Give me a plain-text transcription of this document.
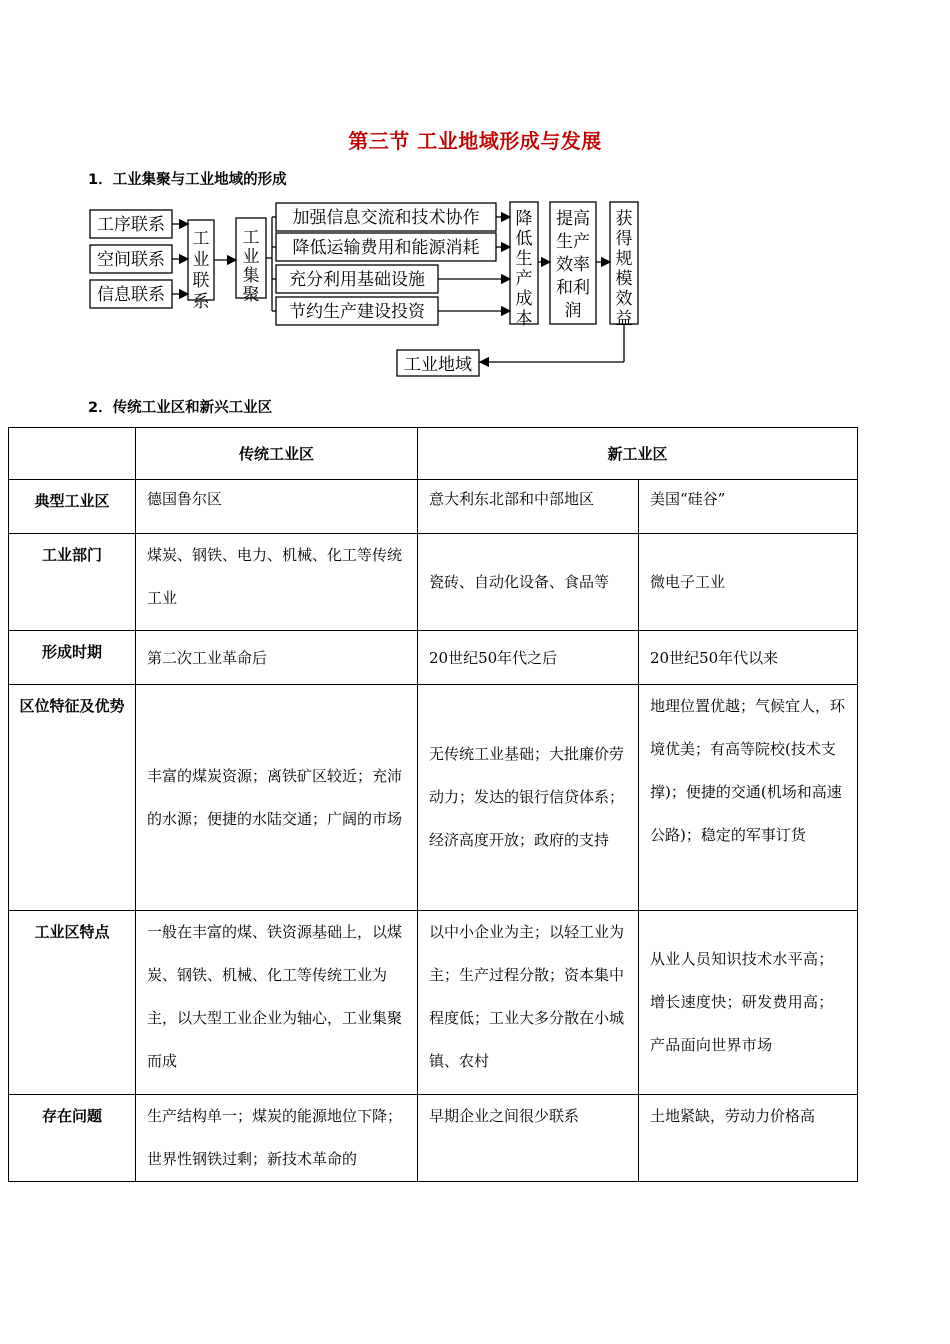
第三节 工业地域形成与发展
1．工业集聚与工业地域的形成
工序联系
空间联系
信息联系
加强信息交流和技术协作
降低运输费用和能源消耗
充分利用基础设施
节约生产建设投资
工业地域
工
业
联
系
工
业
集
聚
降
低
生
产
成
本
提高
生产
效率
和利
润
获
得
规
模
效
益
2．传统工业区和新兴工业区
	传统工业区	新工业区	
典型工业区	德国鲁尔区	意大利东北部和中部地区	美国“硅谷”

工业部门	煤炭、钢铁、电力、机械、化工等传统工业	瓷砖、自动化设备、食品等	微电子工业

形成时期	第二次工业革命后	20世纪50年代之后	20世纪50年代以来

区位特征及优势	丰富的煤炭资源；离铁矿区较近；充沛的水源；便捷的水陆交通；广阔的市场	无传统工业基础；大批廉价劳动力；发达的银行信贷体系；经济高度开放；政府的支持	地理位置优越；气候宜人，环境优美；有高等院校(技术支撑)；便捷的交通(机场和高速公路)；稳定的军事订货

工业区特点	一般在丰富的煤、铁资源基础上，以煤炭、钢铁、机械、化工等传统工业为主，以大型工业企业为轴心，工业集聚而成	以中小企业为主；以轻工业为主；生产过程分散；资本集中程度低；工业大多分散在小城镇、农村	从业人员知识技术水平高；增长速度快；研发费用高；产品面向世界市场

存在问题	生产结构单一；煤炭的能源地位下降；世界性钢铁过剩；新技术革命的	早期企业之间很少联系	土地紧缺，劳动力价格高
